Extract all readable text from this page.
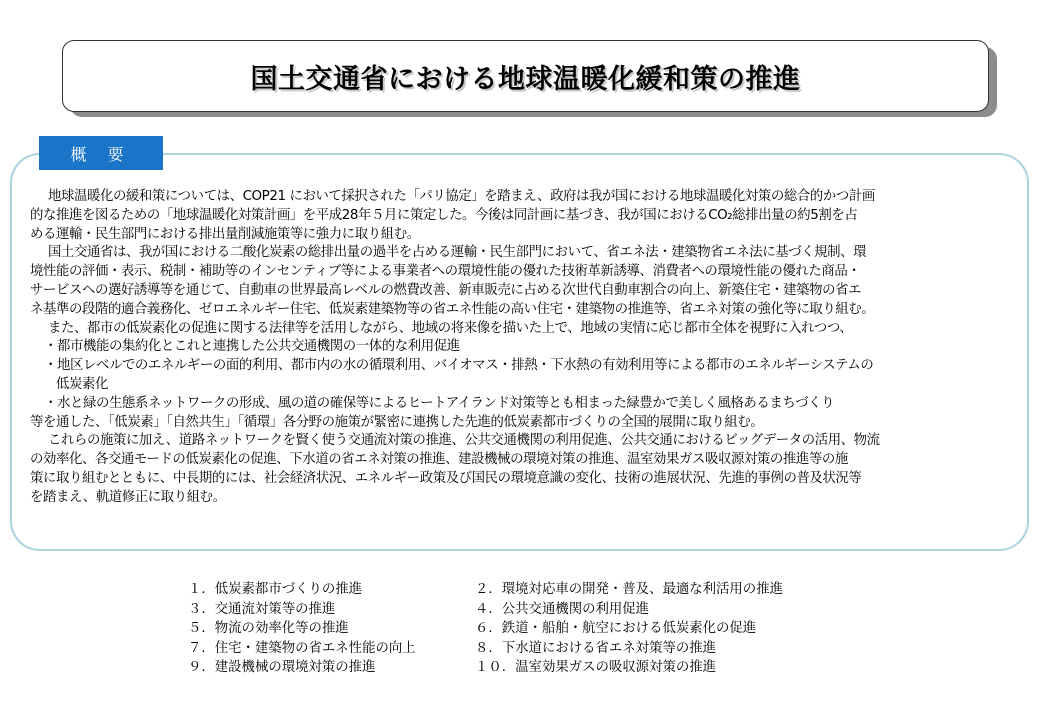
国土交通省における地球温暖化緩和策の推進
概 要
地球温暖化の緩和策については、COP21 において採択された「パリ協定」を踏まえ、政府は我が国における地球温暖化対策の総合的かつ計画
的な推進を図るための「地球温暖化対策計画」を平成28年５月に策定した。今後は同計画に基づき、我が国におけるCO₂総排出量の約5割を占
める運輸・民生部門における排出量削減施策等に強力に取り組む。
国土交通省は、我が国における二酸化炭素の総排出量の過半を占める運輸・民生部門において、省エネ法・建築物省エネ法に基づく規制、環
境性能の評価・表示、税制・補助等のインセンティブ等による事業者への環境性能の優れた技術革新誘導、消費者への環境性能の優れた商品・
サービスへの選好誘導等を通じて、自動車の世界最高レベルの燃費改善、新車販売に占める次世代自動車割合の向上、新築住宅・建築物の省エ
ネ基準の段階的適合義務化、ゼロエネルギー住宅、低炭素建築物等の省エネ性能の高い住宅・建築物の推進等、省エネ対策の強化等に取り組む。
また、都市の低炭素化の促進に関する法律等を活用しながら、地域の将来像を描いた上で、地域の実情に応じ都市全体を視野に入れつつ、
・都市機能の集約化とこれと連携した公共交通機関の一体的な利用促進
・地区レベルでのエネルギーの面的利用、都市内の水の循環利用、バイオマス・排熱・下水熱の有効利用等による都市のエネルギーシステムの
低炭素化
・水と緑の生態系ネットワークの形成、風の道の確保等によるヒートアイランド対策等とも相まった緑豊かで美しく風格あるまちづくり
等を通した、「低炭素」「自然共生」「循環」各分野の施策が緊密に連携した先進的低炭素都市づくりの全国的展開に取り組む。
これらの施策に加え、道路ネットワークを賢く使う交通流対策の推進、公共交通機関の利用促進、公共交通におけるビッグデータの活用、物流
の効率化、各交通モードの低炭素化の促進、下水道の省エネ対策の推進、建設機械の環境対策の推進、温室効果ガス吸収源対策の推進等の施
策に取り組むとともに、中長期的には、社会経済状況、エネルギー政策及び国民の環境意識の変化、技術の進展状況、先進的事例の普及状況等
を踏まえ、軌道修正に取り組む。
１．低炭素都市づくりの推進
３．交通流対策等の推進
５．物流の効率化等の推進
７．住宅・建築物の省エネ性能の向上
９．建設機械の環境対策の推進
２．環境対応車の開発・普及、最適な利活用の推進
４．公共交通機関の利用促進
６．鉄道・船舶・航空における低炭素化の促進
８．下水道における省エネ対策等の推進
１０．温室効果ガスの吸収源対策の推進
